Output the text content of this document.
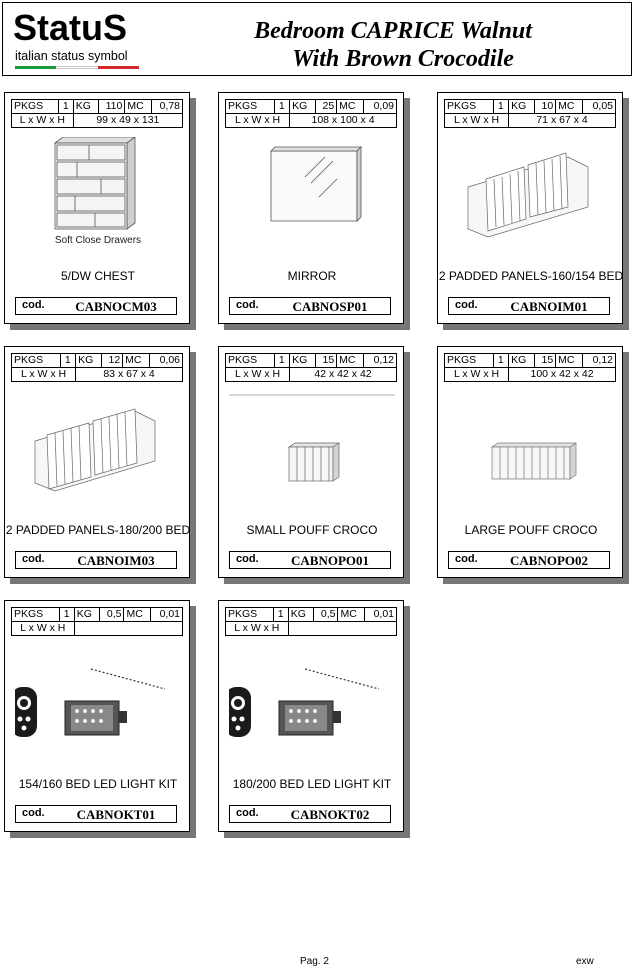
StatuS
italian status symbol
Bedroom CAPRICE Walnut
With Brown Crocodile
PKGS	1	KG	110	MC	0,78
L x W x H		99 x 49 x 131			
Soft Close Drawers
5/DW CHEST
cod.	CABNOCM03
PKGS	1	KG	25	MC	0,09
L x W x H		108 x 100 x 4			
MIRROR
cod.	CABNOSP01
PKGS	1	KG	10	MC	0,05
L x W x H		71 x 67 x 4			
2 PADDED PANELS-160/154 BED
cod.	CABNOIM01
PKGS	1	KG	12	MC	0,06
L x W x H		83 x 67 x 4			
2 PADDED PANELS-180/200 BED
cod.	CABNOIM03
PKGS	1	KG	15	MC	0,12
L x W x H		42 x 42 x 42			
SMALL POUFF CROCO
cod.	CABNOPO01
PKGS	1	KG	15	MC	0,12
L x W x H		100 x 42 x 42			
LARGE POUFF CROCO
cod.	CABNOPO02
PKGS	1	KG	0,5	MC	0,01
L x W x H					
154/160 BED LED LIGHT KIT
cod.	CABNOKT01
PKGS	1	KG	0,5	MC	0,01
L x W x H					
180/200 BED LED LIGHT KIT
cod.	CABNOKT02
Pag. 2	exw
